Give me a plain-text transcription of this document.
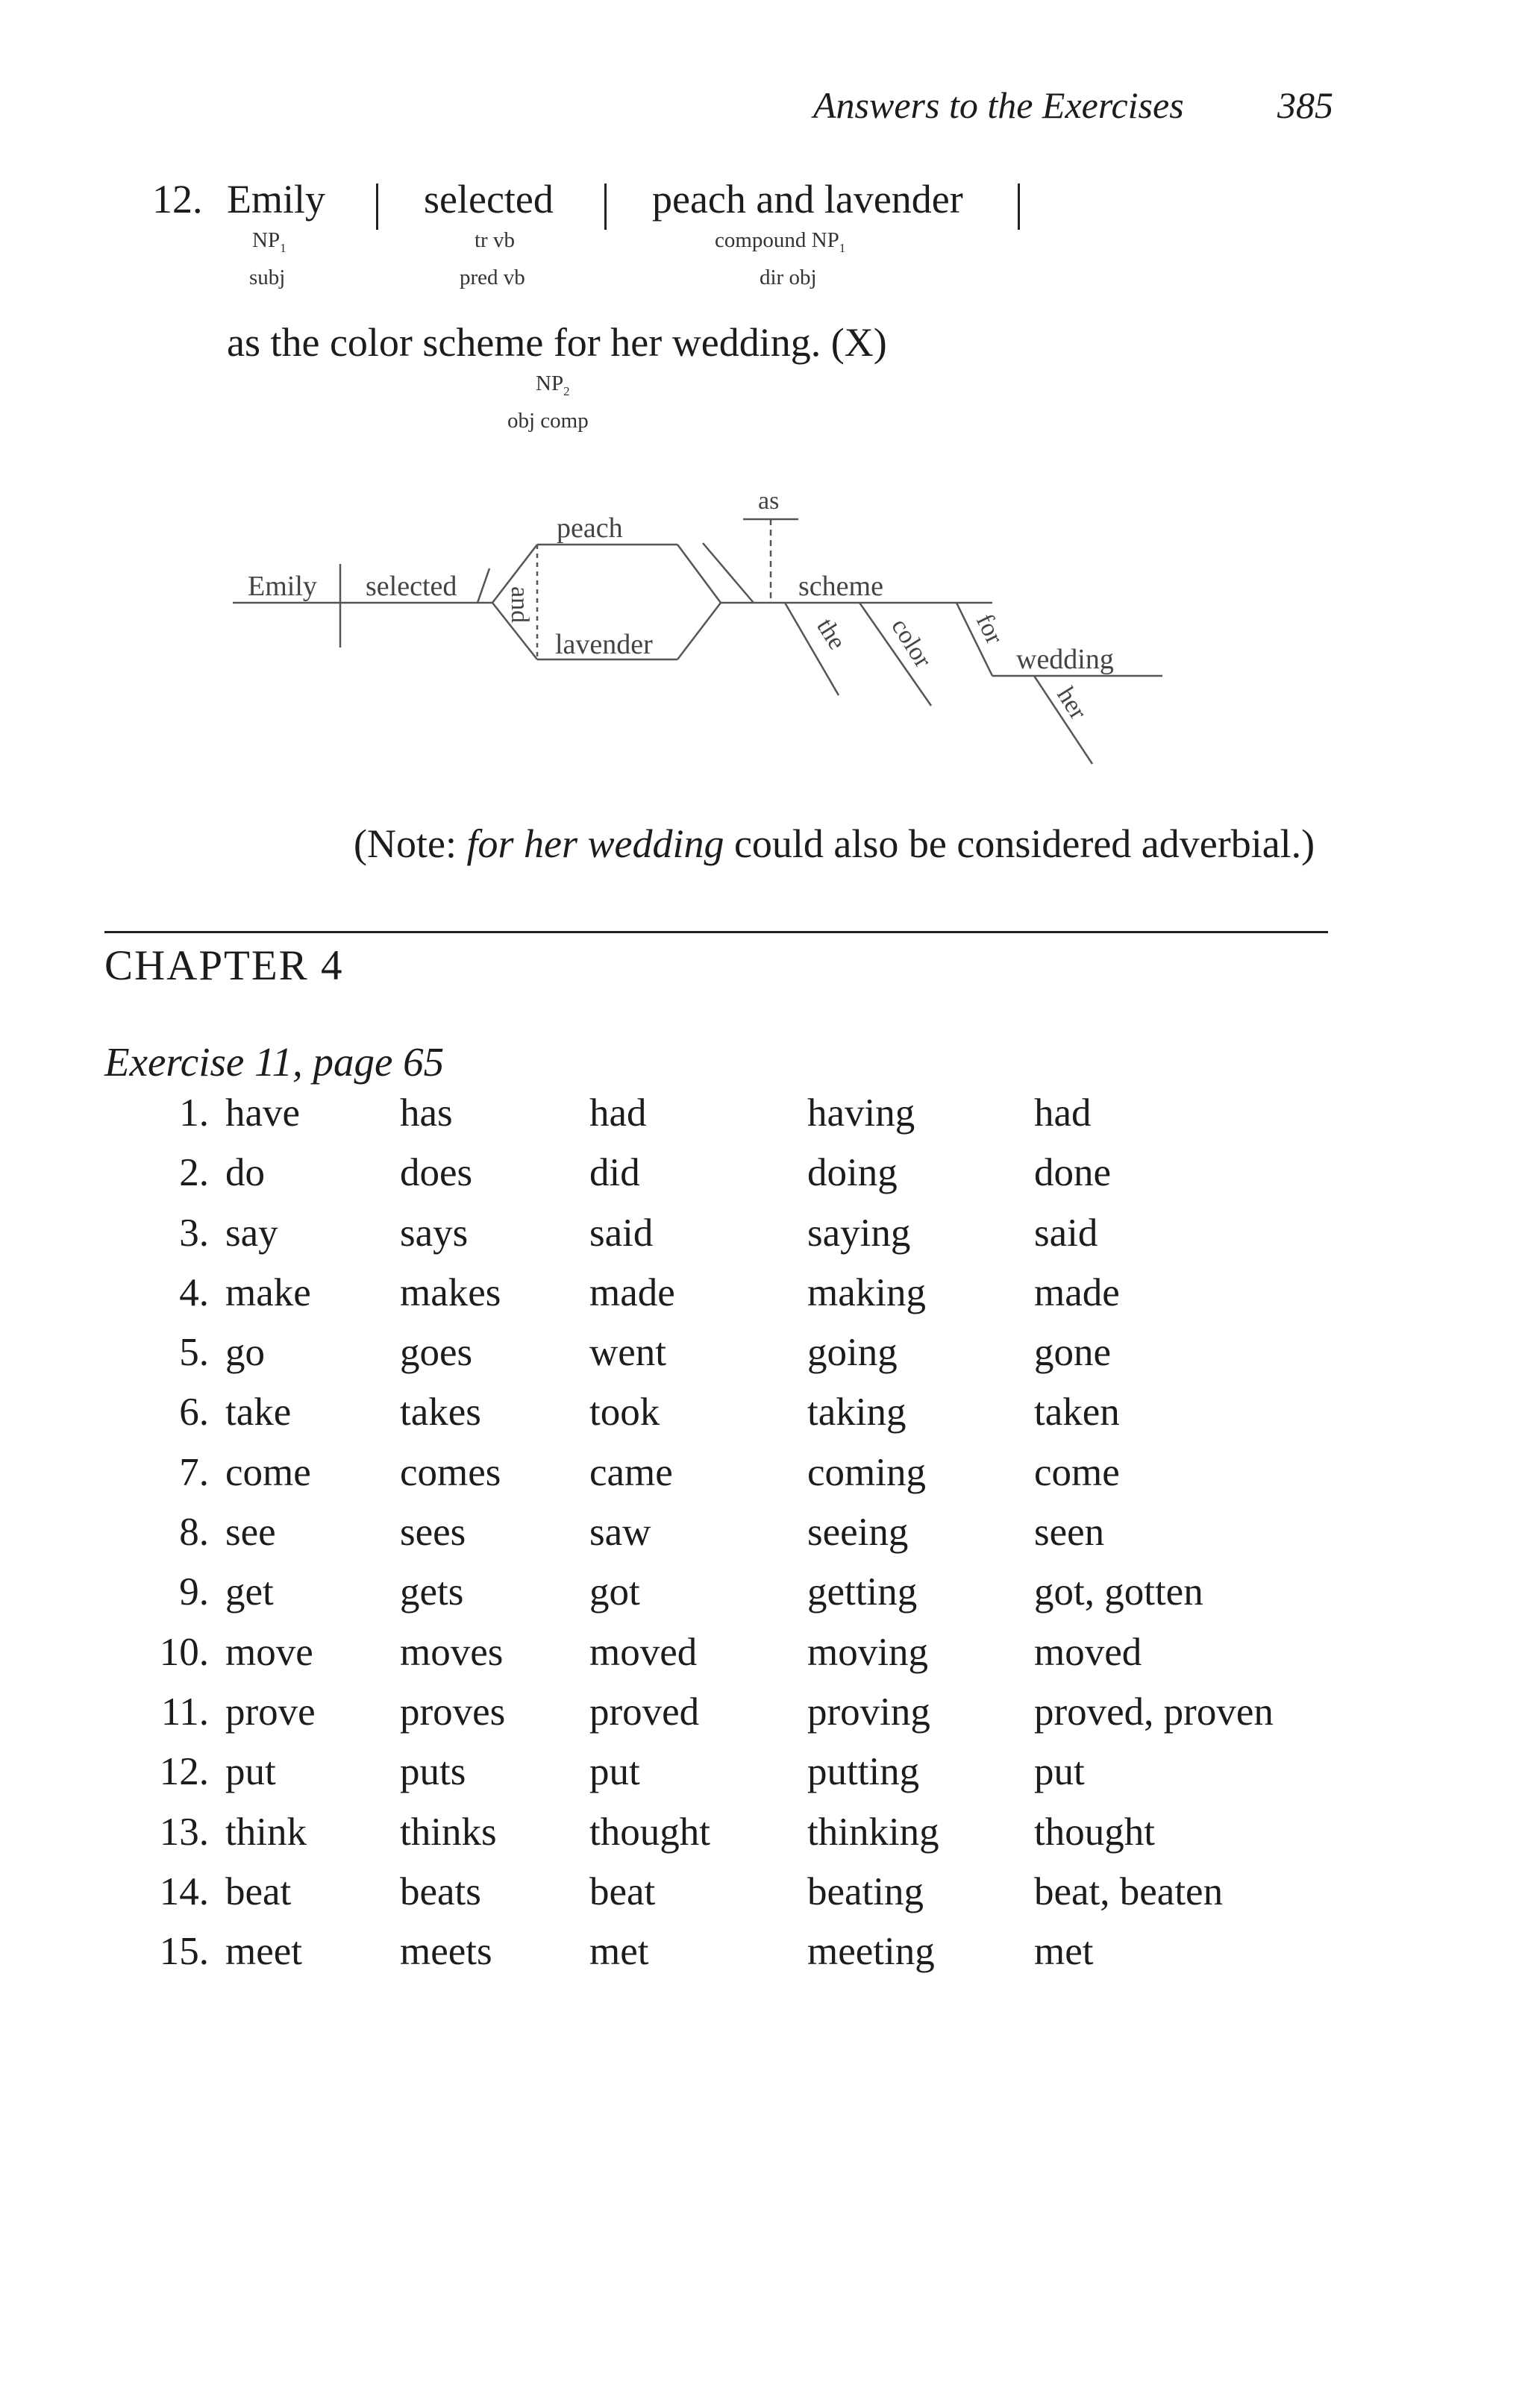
Answers to the Exercises	385
12. Emily selected peach and lavender
$NP_1$
subj
tr vb
pred vb
compound $NP_1$
dir obj
as the color scheme for her wedding. (X)
$NP_2$
obj comp
Emily selected and
peach
lavender
as
scheme
the color for
wedding
her
(Note: for her wedding could also be considered adverbial.)
CHAPTER 4
Exercise 11, page 65
1.	have	has	had	having	had
2.	do	does	did	doing	done
3.	say	says	said	saying	said
4.	make	makes	made	making	made
5.	go	goes	went	going	gone
6.	take	takes	took	taking	taken
7.	come	comes	came	coming	come
8.	see	sees	saw	seeing	seen
9.	get	gets	got	getting	got, gotten
10.	move	moves	moved	moving	moved
11.	prove	proves	proved	proving	proved, proven
12.	put	puts	put	putting	put
13.	think	thinks	thought	thinking	thought
14.	beat	beats	beat	beating	beat, beaten
15.	meet	meets	met	meeting	met
